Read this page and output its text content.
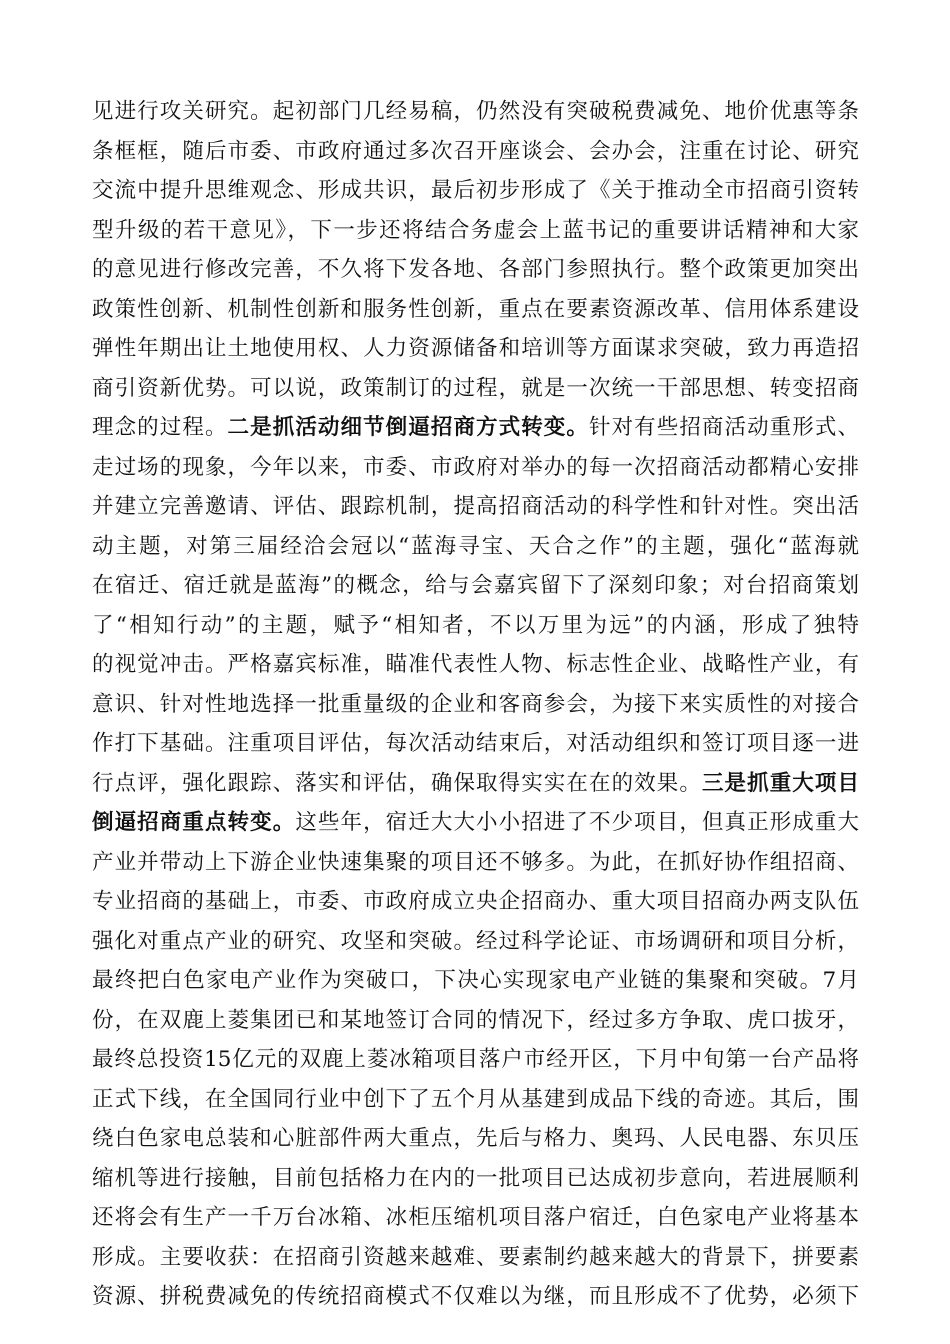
见进行攻关研究。起初部门几经易稿，仍然没有突破税费减免、地价优惠等条
条框框，随后市委、市政府通过多次召开座谈会、会办会，注重在讨论、研究
交流中提升思维观念、形成共识，最后初步形成了《关于推动全市招商引资转
型升级的若干意见》，下一步还将结合务虚会上蓝书记的重要讲话精神和大家
的意见进行修改完善，不久将下发各地、各部门参照执行。整个政策更加突出
政策性创新、机制性创新和服务性创新，重点在要素资源改革、信用体系建设
弹性年期出让土地使用权、人力资源储备和培训等方面谋求突破，致力再造招
商引资新优势。可以说，政策制订的过程，就是一次统一干部思想、转变招商
理念的过程。二是抓活动细节倒逼招商方式转变。针对有些招商活动重形式、
走过场的现象，今年以来，市委、市政府对举办的每一次招商活动都精心安排
并建立完善邀请、评估、跟踪机制，提高招商活动的科学性和针对性。突出活
动主题，对第三届经洽会冠以“蓝海寻宝、天合之作”的主题，强化“蓝海就
在宿迁、宿迁就是蓝海”的概念，给与会嘉宾留下了深刻印象；对台招商策划
了“相知行动”的主题，赋予“相知者，不以万里为远”的内涵，形成了独特
的视觉冲击。严格嘉宾标准，瞄准代表性人物、标志性企业、战略性产业，有
意识、针对性地选择一批重量级的企业和客商参会，为接下来实质性的对接合
作打下基础。注重项目评估，每次活动结束后，对活动组织和签订项目逐一进
行点评，强化跟踪、落实和评估，确保取得实实在在的效果。三是抓重大项目
倒逼招商重点转变。这些年，宿迁大大小小招进了不少项目，但真正形成重大
产业并带动上下游企业快速集聚的项目还不够多。为此，在抓好协作组招商、
专业招商的基础上，市委、市政府成立央企招商办、重大项目招商办两支队伍
强化对重点产业的研究、攻坚和突破。经过科学论证、市场调研和项目分析，
最终把白色家电产业作为突破口，下决心实现家电产业链的集聚和突破。7月
份，在双鹿上菱集团已和某地签订合同的情况下，经过多方争取、虎口拔牙，
最终总投资15亿元的双鹿上菱冰箱项目落户市经开区，下月中旬第一台产品将
正式下线，在全国同行业中创下了五个月从基建到成品下线的奇迹。其后，围
绕白色家电总装和心脏部件两大重点，先后与格力、奥玛、人民电器、东贝压
缩机等进行接触，目前包括格力在内的一批项目已达成初步意向，若进展顺利
还将会有生产一千万台冰箱、冰柜压缩机项目落户宿迁，白色家电产业将基本
形成。主要收获：在招商引资越来越难、要素制约越来越大的背景下，拼要素
资源、拼税费减免的传统招商模式不仅难以为继，而且形成不了优势，必须下
